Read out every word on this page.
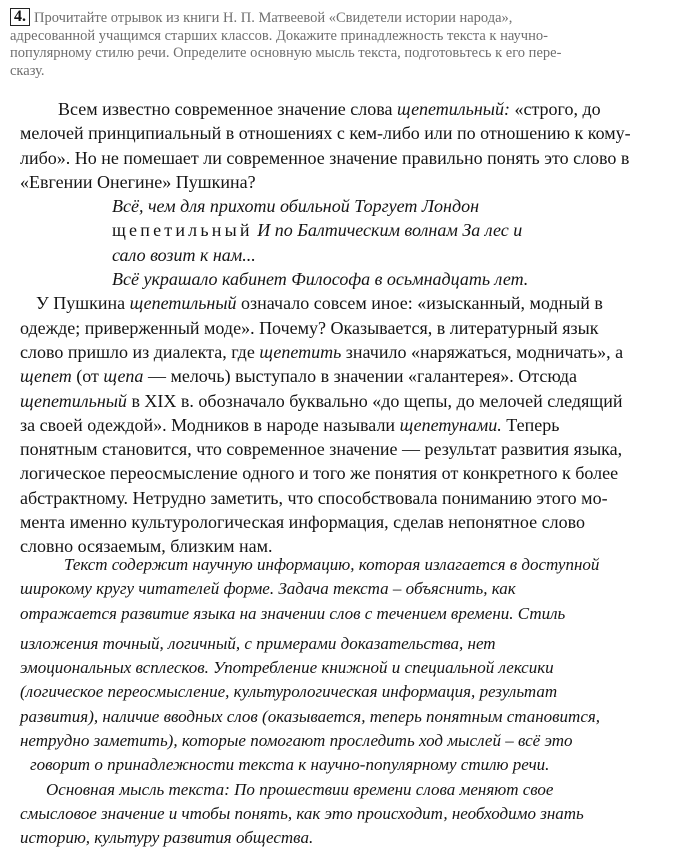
4. Прочитайте отрывок из книги Н. П. Матвеевой «Свидетели истории народа»,
адресованной учащимся старших классов. Докажите принадлежность текста к научно-
популярному стилю речи. Определите основную мысль текста, подготовьтесь к его пере-
сказу.
Всем известно современное значение слова щепетильный: «строго, до
мелочей принципиальный в отношениях с кем-либо или по отношению к кому-
либо». Но не помешает ли современное значение правильно понять это слово в
«Евгении Онегине» Пушкина?
Всё, чем для прихоти обильной Торгует Лондон
щепетильный И по Балтическим волнам За лес и
сало возит к нам...
Всё украшало кабинет Философа в осьмнадцать лет.
У Пушкина щепетильный означало совсем иное: «изысканный, модный в
одежде; приверженный моде». Почему? Оказывается, в литературный язык
слово пришло из диалекта, где щепетить значило «наряжаться, модничать», а
щепет (от щепа — мелочь) выступало в значении «галантерея». Отсюда
щепетильный в XIX в. обозначало буквально «до щепы, до мелочей следящий
за своей одеждой». Модников в народе называли щепетунами. Теперь
понятным становится, что современное значение — результат развития языка,
логическое переосмысление одного и того же понятия от конкретного к более
абстрактному. Нетрудно заметить, что способствовала пониманию этого мо-
мента именно культурологическая информация, сделав непонятное слово
словно осязаемым, близким нам.
Текст содержит научную информацию, которая излагается в доступной
широкому кругу читателей форме. Задача текста – объяснить, как
отражается развитие языка на значении слов с течением времени. Стиль
изложения точный, логичный, с примерами доказательства, нет
эмоциональных всплесков. Употребление книжной и специальной лексики
(логическое переосмысление, культурологическая информация, результат
развития), наличие вводных слов (оказывается, теперь понятным становится,
нетрудно заметить), которые помогают проследить ход мыслей – всё это
говорит о принадлежности текста к научно-популярному стилю речи.
Основная мысль текста: По прошествии времени слова меняют свое
смысловое значение и чтобы понять, как это происходит, необходимо знать
историю, культуру развития общества.
